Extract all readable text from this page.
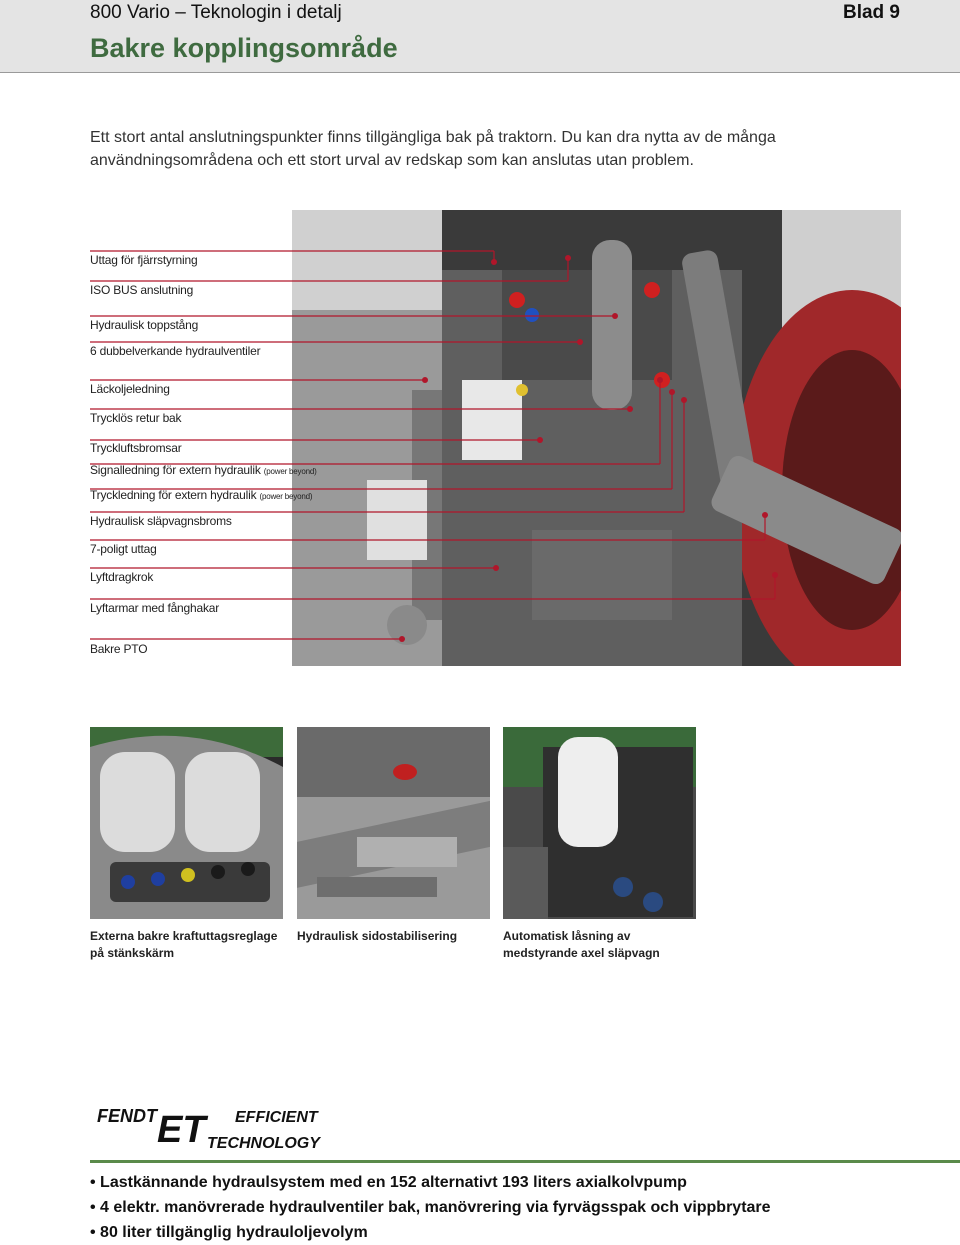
800 Vario – Teknologin i detalj	Blad 9
Bakre kopplingsområde
Ett stort antal anslutningspunkter finns tillgängliga bak på traktorn. Du kan dra nytta av de många användningsområdena och ett stort urval av redskap som kan anslutas utan problem.
Uttag för fjärrstyrning
ISO BUS anslutning
Hydraulisk toppstång
6 dubbelverkande hydraulventiler
Läckoljeledning
Trycklös retur bak
Tryckluftsbromsar
Signalledning för extern hydraulik (power beyond)
Tryckledning för extern hydraulik (power beyond)
Hydraulisk släpvagnsbroms
7-poligt uttag
Lyftdragkrok
Lyftarmar med fånghakar
Bakre PTO
Externa bakre kraftuttagsreglage på stänkskärm
Hydraulisk sidostabilisering	Automatisk låsning av medstyrande axel släpvagn
FENDT ET EFFICIENT
TECHNOLOGY
• Lastkännande hydraulsystem med en 152 alternativt 193 liters axialkolvpump
• 4 elektr. manövrerade hydraulventiler bak, manövrering via fyrvägsspak och vippbrytare
• 80 liter tillgänglig hydrauloljevolym
